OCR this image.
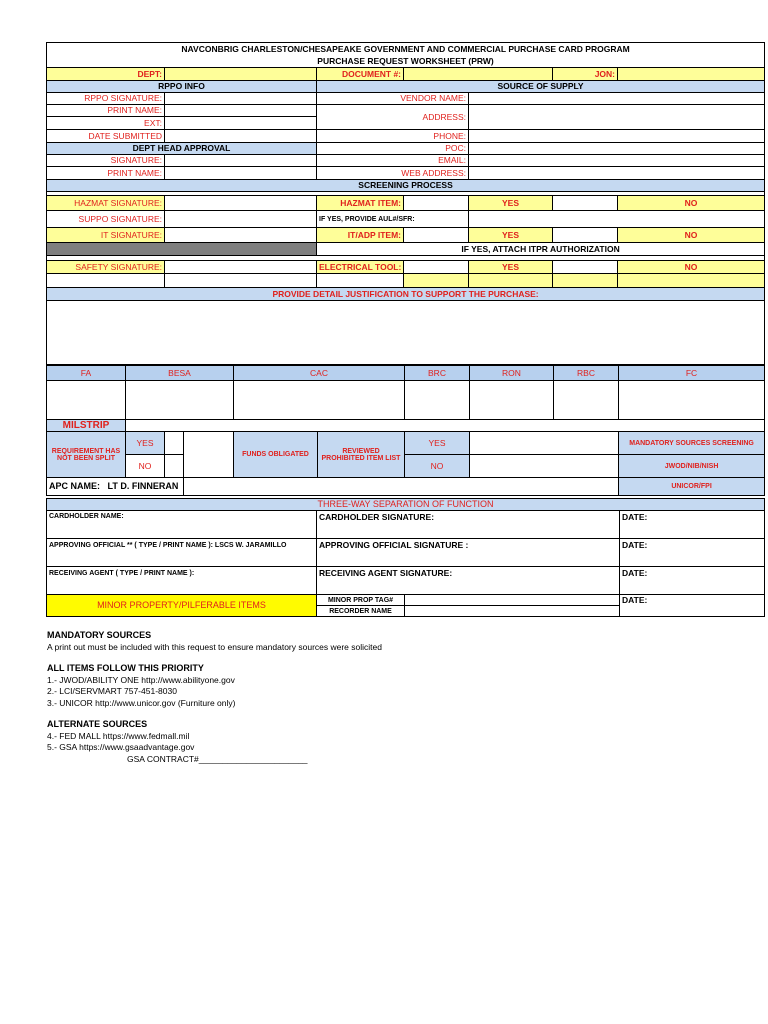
NAVCONBRIG CHARLESTON/CHESAPEAKE GOVERNMENT AND COMMERCIAL PURCHASE CARD PROGRAM						
PURCHASE REQUEST WORKSHEET (PRW)						
DEPT:		DOCUMENT #:			JON:	
RPPO INFO		SOURCE OF SUPPLY				
RPPO SIGNATURE:		VENDOR NAME:				
PRINT NAME:		ADDRESS:				
EXT:						
DATE SUBMITTED		PHONE:				
DEPT HEAD APPROVAL		POC:				
SIGNATURE:		EMAIL:				
PRINT NAME:		WEB ADDRESS:				
SCREENING PROCESS						

HAZMAT SIGNATURE:		HAZMAT ITEM:		YES		NO
SUPPO SIGNATURE:		IF YES, PROVIDE AUL#/SFR:				
IT SIGNATURE:		IT/ADP ITEM:		YES		NO
		IF YES, ATTACH ITPR AUTHORIZATION				

SAFETY SIGNATURE:		ELECTRICAL TOOL:		YES		NO

PROVIDE DETAIL JUSTIFICATION TO SUPPORT THE PURCHASE:						

FA	BESA	CAC	BRC	RON	RBC	FC

MILSTRIP								
REQUIREMENT HAS NOT BEEN SPLIT	YES			FUNDS OBLIGATED	REVIEWED PROHIBITED ITEM LIST	YES		MANDATORY SOURCES SCREENING
	NO					NO		JWOD/NIB/NISH
APC NAME: LT D. FINNERAN								UNICOR/FPI
THREE-WAY SEPARATION OF FUNCTION			
CARDHOLDER NAME:	CARDHOLDER SIGNATURE:		DATE:
APPROVING OFFICIAL ** ( TYPE / PRINT NAME ): LSCS W. JARAMILLO	APPROVING OFFICIAL SIGNATURE :		DATE:
RECEIVING AGENT ( TYPE / PRINT NAME ):	RECEIVING AGENT SIGNATURE:		DATE:
MINOR PROPERTY/PILFERABLE ITEMS	MINOR PROP TAG#		DATE:
	RECORDER NAME		
MANDATORY SOURCES
A print out must be included with this request to ensure mandatory sources were solicited
ALL ITEMS FOLLOW THIS PRIORITY
1.- JWOD/ABILITY ONE http://www.abilityone.gov
2.- LCI/SERVMART 757-451-8030
3.- UNICOR http://www.unicor.gov (Furniture only)
ALTERNATE SOURCES
4.- FED MALL https://www.fedmall.mil
5.- GSA https://www.gsaadvantage.gov
GSA CONTRACT#_______________________
